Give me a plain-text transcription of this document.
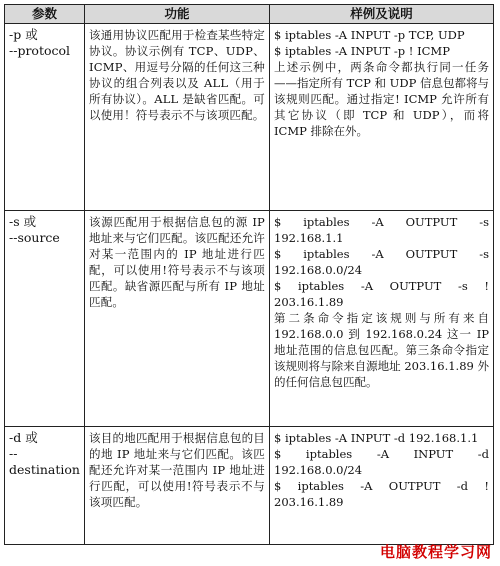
参数	功能	样例及说明

-p 或
--protocol	该通用协议匹配用于检查某些特定协议。协议示例有 TCP、UDP、ICMP、用逗号分隔的任何这三种协议的组合列表以及 ALL（用于所有协议）。ALL 是缺省匹配。可以使用！符号表示不与该项匹配。	$ iptables -A INPUT -p TCP, UDP
$ iptables -A INPUT -p ! ICMP
上述示例中，两条命令都执行同一任务——指定所有 TCP 和 UDP 信息包都将与该规则匹配。通过指定! ICMP 允许所有其它协议（即 TCP 和 UDP），而将 ICMP 排除在外。

-s 或
--source	该源匹配用于根据信息包的源 IP 地址来与它们匹配。该匹配还允许对某一范围内的 IP 地址进行匹配，可以使用!符号表示不与该项匹配。缺省源匹配与所有 IP 地址匹配。	$ iptables -A OUTPUT -s 192.168.1.1
$ iptables -A OUTPUT -s 192.168.0.0/24
$ iptables -A OUTPUT -s ! 203.16.1.89
第二条命令指定该规则与所有来自 192.168.0.0 到 192.168.0.24 这一 IP 地址范围的信息包匹配。第三条命令指定该规则将与除来自源地址 203.16.1.89 外的任何信息包匹配。

-d 或
--
destination	该目的地匹配用于根据信息包的目的地 IP 地址来与它们匹配。该匹配还允许对某一范围内 IP 地址进行匹配，可以使用!符号表示不与该项匹配。	$ iptables -A INPUT -d 192.168.1.1
$ iptables -A INPUT -d 192.168.0.0/24
$ iptables -A OUTPUT -d ! 203.16.1.89
电脑教程学习网
